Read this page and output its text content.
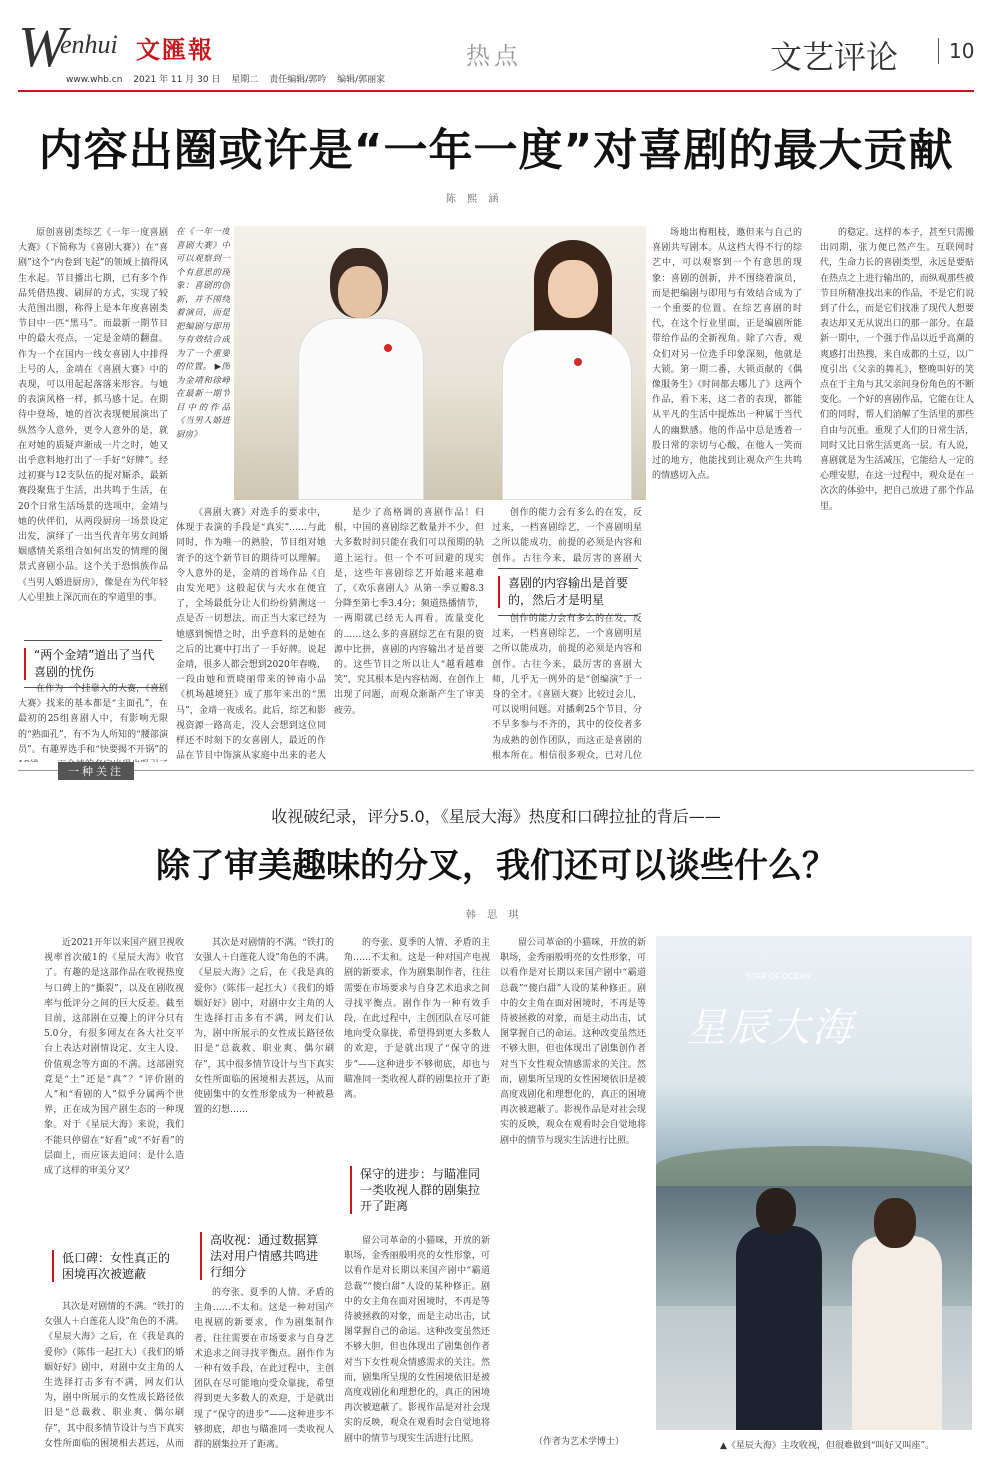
W
enhui 文匯報
www.whb.cn 2021 年 11 月 30 日 星期二 责任编辑/郭吟 编辑/郭丽家
热点	文艺评论	10
内容出圈或许是“一年一度”对喜剧的最大贡献
陈 熙 涵

原创喜剧类综艺《一年一度喜剧大赛》（下简称为《喜剧大赛》）在“喜剧”这个“内卷到飞起”的领域上搞得风生水起。节目播出七期，已有多个作品凭借热搜、刷屏的方式，实现了较大范围出圈，称得上是本年度喜剧类节目中一匹“黑马”。而最新一期节目中的最大亮点，一定是金靖的翻盘。作为一个在国内一线女喜剧人中排得上号的人，金靖在《喜剧大赛》中的表现，可以用起起落落来形容。与她的表演风格一样，抓马感十足。在期待中登场，她的首次表现便展演出了纵然今人意外，更令人意外的是，就在对她的质疑声渐成一片之时，她又出乎意料地打出了一手好“好牌”。经过初赛与12支队伍的捉对厮杀，最新赛段聚焦于生活，出共鸣于生活，在20个日常生活场景的选项中，金靖与她的伙伴们，从两段厨房一场景设定出发，演绎了一出当代青年男女间婚姻感情关系组合如何出发的情理的图景式喜剧小品。这个关于恐惧族作品《当男人婚进厨房》，像是在为代年轻人心里独上深沉而在的窄道里的事。

“两个金靖”道出了当代喜剧的忧伤

在作为一个挂靠入的大赛，《喜剧大赛》找来的基本都是“主面孔”，在最初的25组喜剧人中，有影响无限的“熟面孔”，有不为人所知的“腰部演员”。有趣界选手和“快要揭不开锅”的

在《一年一度喜剧大赛》中可以观察到一个有意思的现象：喜剧的创新，并不围绕着演员，而是把编剧与即用与有效结合成为了一个重要的位置。 ▶图为金靖和徐峥在最新一期节目中的作品《当男人婚进厨房》

《喜剧大赛》对选手的要求中，体现于表演的手段是“真实”……与此同时，作为唯一的熟脸，节目组对她寄予的这个新节目的期待可以理解。令人意外的是，金靖的首场作品《自由发光吧》这般起伏与大水在便宜了，全场最低分让人们纷纷猜测这一点是否一切想法，而正当大家已经为她感到惋惜之时，出乎意料的是她在之后的比赛中打出了一手好牌。说起金靖，很多人都会想到2020年春晚，一段由她和贾晓丽带来的钟南小品《机场越境狂》成了那年来出的“黑马”，金靖一夜成名。此后，综艺和影视资源一路高走，没人会想到这位同样还不时刻下的女喜剧人，最近的作品在节目中饰演从家庭中出来的老人

是少了高格调的喜剧作品！归根，中国的喜剧综艺数量并不少，但大多数时间只能在我们可以预期的轨道上运行。但一个不可回避的现实是，这些年喜剧综艺开始越来越难了，《欢乐喜剧人》从第一季豆瓣8.3分降至第七季3.4分；频道热播情节，一两期就已经无人再看。流量变化的……这么多的喜剧综艺在有限的资源中比拼，喜剧的内容输出才是首要的。这些节目之所以让人“越看越难笑”，究其根本是内容枯竭、在创作上出现了问题，而观众渐渐产生了审美疲劳。

创作的能力会有多么的在发，反过来，一档喜剧综艺，一个喜剧明星之所以能成功，前提的必须是内容和创作。古往今来，最厉害的喜剧大

喜剧的内容输出是首要的，然后才是明星

创作的能力会有多么的在发，反过来，一档喜剧综艺，一个喜剧明星之所以能成功，前提的必须是内容和创作。古往今来，最厉害的喜剧大师，几乎无一例外的是“创编演”于一身的全才。《喜剧大赛》比较过会儿，可以说明问题。对播剩25个节目，分不早多参与不齐的，其中的佼佼者多为成熟的创作团队，而这正是喜剧的根本所在。相信很多观众，已对几位

场地出梅粗枝，邀但来与自己的喜剧共写剧本。从这档大得不行的综艺中，可以观察到一个有意思的现象：喜剧的创新，并不围绕着演员，而是把编剧与即用与有效结合成为了一个重要的位置。在综艺喜剧的时代，在这个行业里面，正是编剧所能带给作品的全新视角。除了六香，观众们对另一位选手印象深刻，他就是大锁。第一期二番，大锁贡献的《偶像服务生》《时间都去哪儿了》这两个作品，看下来，这二者的表现，都能从平凡的生活中提炼出一种属于当代人的幽默感。他的作品中总是透着一股日常的亲切与心酸，在他人一笑而过的地方，他能找到让观众产生共鸣的情感切入点。

的稳定。这样的本子，甚至只需搬出同期，张力便已然产生。互联网时代，生命力长的喜剧类型，永远是要贴在热点之上进行输出的，而纵观那些被节目所精准找出来的作品，不是它们说到了什么，而是它们找准了现代人想要表达却又无从说出口的那一部分。在最新一期中，一个强于作品以近乎高潮的爽感打出热搜，来自成都的土豆，以广度引出《父亲的舞礼》，整晚叫好的笑点在于主角与其父亲间身份角色的不断变化。一个好的喜剧作品，它能在让人们的同时，帮人们消解了生活里的那些自由与沉重。重现了人们的日常生活，同时又比日常生活更高一层。有人说，喜剧就是为生活减压，它能给人一定的心理安慰，在这一过程中，观众是在一次次的体验中，把自己放进了那个作品里。

一种关注
收视破纪录，评分5.0，《星辰大海》热度和口碑拉扯的背后——
除了审美趣味的分叉，我们还可以谈些什么？
韩 思 琪

近2021开年以来国产剧卫视收视率首次破1的《星辰大海》收官了。有趣的是这部作品在收视热度与口碑上的“撕裂”，以及在剧收视率与低评分之间的巨大反差。截至目前，这部剧在豆瓣上的评分只有5.0分，有很多网友在各大社交平台上表达对剧情设定、女主人设、价值观念等方面的不满。这部剧究竟是“土”还是“真”？“评价剧的人”和“看剧的人”似乎分属两个世界，正在成为国产剧生态的一种现象。对于《星辰大海》来说，我们不能只停留在“好看”或“不好看”的层面上，而应该去追问：是什么造成了这样的审美分叉？

低口碑：女性真正的困境再次被遮蔽

其次是对剧情的不满。“铁打的女强人＋白莲花人设”角色的不满。《星辰大海》之后，在《我是真的爱你》（陈伟一起扛大）《我们的婚姻好好》剧中，对剧中女主角的人生选择打击多有不满，网友们认为，剧中所展示的女性成长路径依旧是“总裁救、职业爽、偶尔刷存”，其中很多情节设计与当下真实女性所面临的困境相去甚远，从而

其次是对剧情的不满。“铁打的女强人＋白莲花人设”角色的不满。《星辰大海》之后，在《我是真的爱你》（陈伟一起扛大）《我们的婚姻好好》剧中，对剧中女主角的人生选择打击多有不满，网友们认为，剧中所展示的女性成长路径依旧是“总裁救、职业爽、偶尔刷存”，其中很多情节设计与当下真实女性所面临的困境相去甚远，从而使剧集中的女性形象成为一种被悬置的幻想……

高收视：通过数据算法对用户情感共鸣进行细分

的夸张、夏季的人情、矛盾的主角……不太和。这是一种对国产电视剧的新要求，作为剧集制作者，往往需要在市场要求与自身艺术追求之间寻找平衡点。剧作作为一种有效手段，在此过程中，主创团队在尽可能地向受众靠拢，希望得到更大多数人的欢迎，于是就出现了“保守的进步”——这种进步不够彻底，却也与瞄准同一类收视人群的剧集拉开了距离。

的夸张、夏季的人情、矛盾的主角……不太和。这是一种对国产电视剧的新要求，作为剧集制作者，往往需要在市场要求与自身艺术追求之间寻找平衡点。剧作作为一种有效手段，在此过程中，主创团队在尽可能地向受众靠拢，希望得到更大多数人的欢迎，于是就出现了“保守的进步”——这种进步不够彻底，却也与瞄准同一类收视人群的剧集拉开了距离。

保守的进步：与瞄准同一类收视人群的剧集拉开了距离

留公司革命的小猫咪，开放的新职场，金秀丽般明亮的女性形象，可以看作是对长期以来国产剧中“霸道总裁”“傻白甜”人设的某种修正。剧中的女主角在面对困境时，不再是等待被拯救的对象，而是主动出击，试图掌握自己的命运。这种改变虽然还不够大胆，但也体现出了剧集创作者对当下女性观众情感需求的关注。然而，剧集所呈现的女性困境依旧是被高度戏剧化和理想化的，真正的困境再次被遮蔽了。影视作品是对社会现实的反映，观众在观看时会自觉地将剧中的情节与现实生活进行比照。

留公司革命的小猫咪，开放的新职场，金秀丽般明亮的女性形象，可以看作是对长期以来国产剧中“霸道总裁”“傻白甜”人设的某种修正。剧中的女主角在面对困境时，不再是等待被拯救的对象，而是主动出击，试图掌握自己的命运。这种改变虽然还不够大胆，但也体现出了剧集创作者对当下女性观众情感需求的关注。然而，剧集所呈现的女性困境依旧是被高度戏剧化和理想化的，真正的困境再次被遮蔽了。影视作品是对社会现实的反映，观众在观看时会自觉地将剧中的情节与现实生活进行比照。

STAR OF OCEAN
星辰大海
（作者为艺术学博士）	▲《星辰大海》主攻收视，但很难做到“叫好又叫座”。
